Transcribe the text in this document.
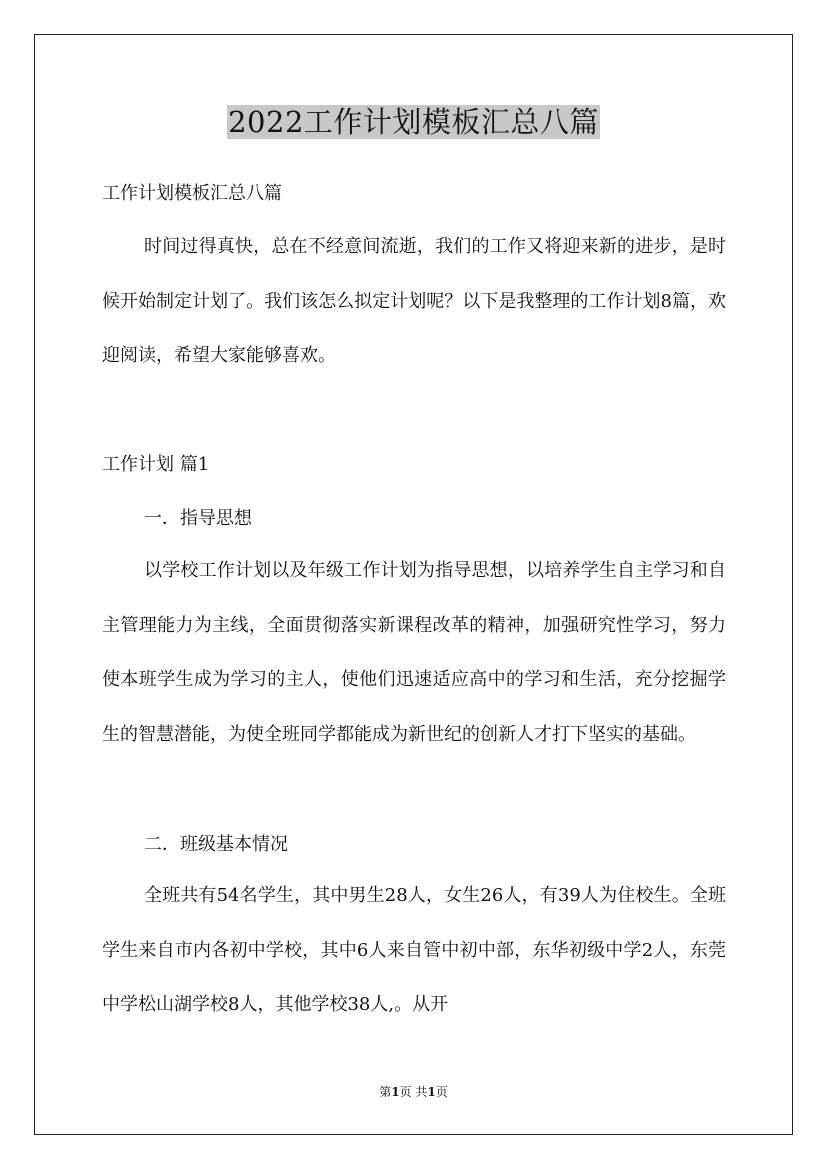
2022工作计划模板汇总八篇
工作计划模板汇总八篇

时间过得真快，总在不经意间流逝，我们的工作又将迎来新的进步，是时候开始制定计划了。我们该怎么拟定计划呢？以下是我整理的工作计划8篇，欢迎阅读，希望大家能够喜欢。

工作计划 篇1
一．指导思想

以学校工作计划以及年级工作计划为指导思想，以培养学生自主学习和自主管理能力为主线，全面贯彻落实新课程改革的精神，加强研究性学习，努力使本班学生成为学习的主人，使他们迅速适应高中的学习和生活，充分挖掘学生的智慧潜能，为使全班同学都能成为新世纪的创新人才打下坚实的基础。

二．班级基本情况

全班共有54名学生，其中男生28人，女生26人，有39人为住校生。全班学生来自市内各初中学校，其中6人来自管中初中部，东华初级中学2人，东莞中学松山湖学校8人，其他学校38人,。从开

第1页 共1页
